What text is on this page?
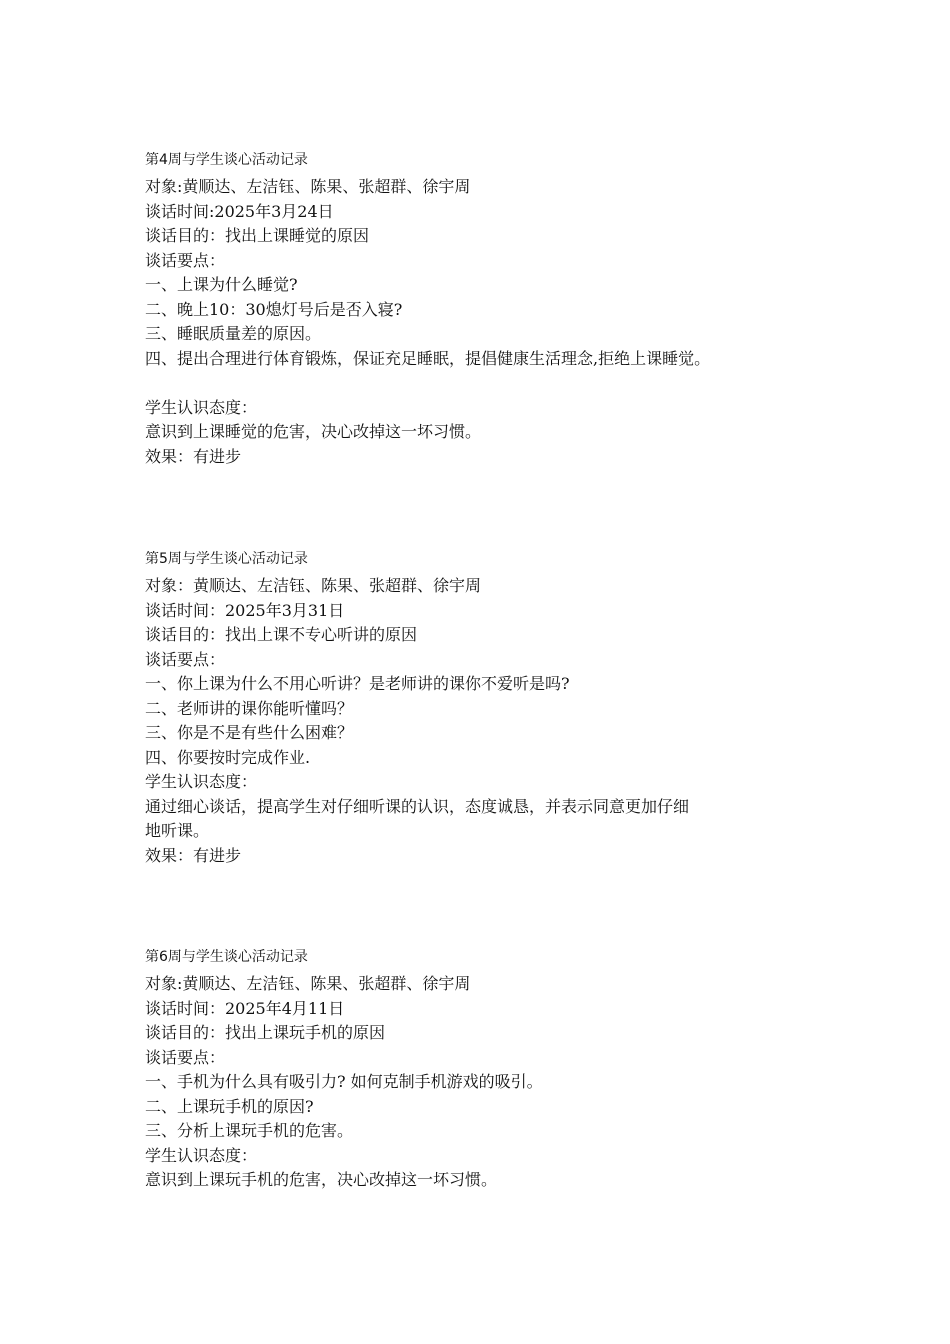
第4周与学生谈心活动记录
对象:黄顺达、左洁钰、陈果、张超群、徐宇周
谈话时间:2025年3月24日
谈话目的：找出上课睡觉的原因
谈话要点：
一、上课为什么睡觉?
二、晚上10：30熄灯号后是否入寝?
三、睡眠质量差的原因。
四、提出合理进行体育锻炼，保证充足睡眠，提倡健康生活理念,拒绝上课睡觉。
学生认识态度：
意识到上课睡觉的危害，决心改掉这一坏习惯。
效果：有进步
第5周与学生谈心活动记录
对象：黄顺达、左洁钰、陈果、张超群、徐宇周
谈话时间：2025年3月31日
谈话目的：找出上课不专心听讲的原因
谈话要点：
一、你上课为什么不用心听讲？是老师讲的课你不爱听是吗?
二、老师讲的课你能听懂吗？
三、你是不是有些什么困难？
四、你要按时完成作业.
学生认识态度：
通过细心谈话，提高学生对仔细听课的认识，态度诚恳，并表示同意更加仔细
地听课。
效果：有进步
第6周与学生谈心活动记录
对象:黄顺达、左洁钰、陈果、张超群、徐宇周
谈话时间：2025年4月11日
谈话目的：找出上课玩手机的原因
谈话要点：
一、手机为什么具有吸引力? 如何克制手机游戏的吸引。
二、上课玩手机的原因?
三、分析上课玩手机的危害。
学生认识态度：
意识到上课玩手机的危害，决心改掉这一坏习惯。
